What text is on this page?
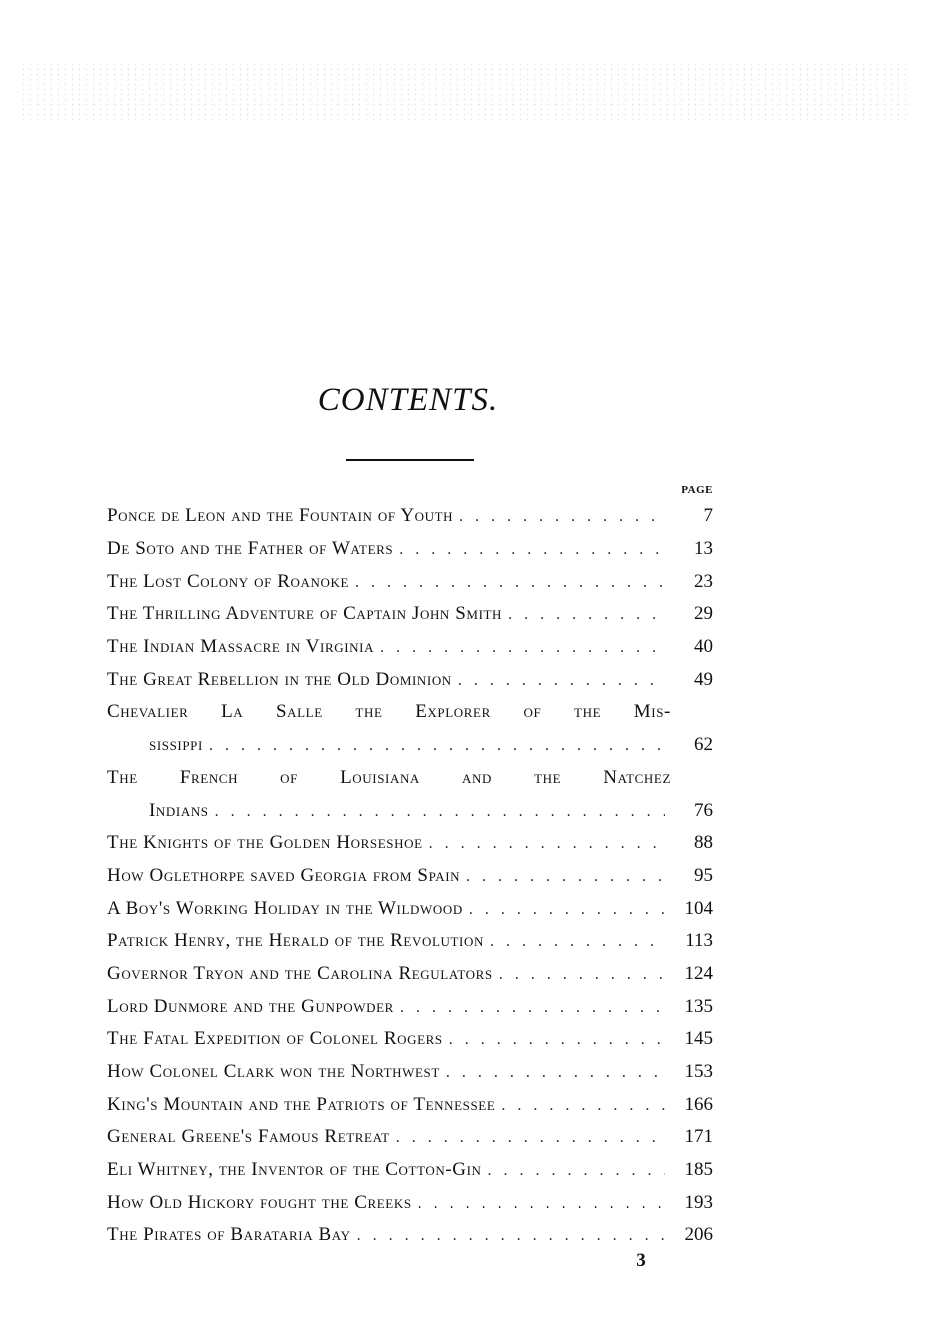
CONTENTS.
PAGE
Ponce de Leon and the Fountain of Youth . . .	7
De Soto and the Father of Waters . . .	13
The Lost Colony of Roanoke . . .	23
The Thrilling Adventure of Captain John Smith . . .	29
The Indian Massacre in Virginia . . .	40
The Great Rebellion in the Old Dominion . . .	49
Chevalier La Salle the Explorer of the Mis-
sissippi . . .	62
The French of Louisiana and the Natchez
Indians . . .	76
The Knights of the Golden Horseshoe . . .	88
How Oglethorpe saved Georgia from Spain . . .	95
A Boy's Working Holiday in the Wildwood . . .	104
Patrick Henry, the Herald of the Revolution . . .	113
Governor Tryon and the Carolina Regulators . . .	124
Lord Dunmore and the Gunpowder . . .	135
The Fatal Expedition of Colonel Rogers . . .	145
How Colonel Clark won the Northwest . . .	153
King's Mountain and the Patriots of Tennessee . . .	166
General Greene's Famous Retreat . . .	171
Eli Whitney, the Inventor of the Cotton-Gin . . .	185
How Old Hickory fought the Creeks . . .	193
The Pirates of Barataria Bay . . .	206
3
